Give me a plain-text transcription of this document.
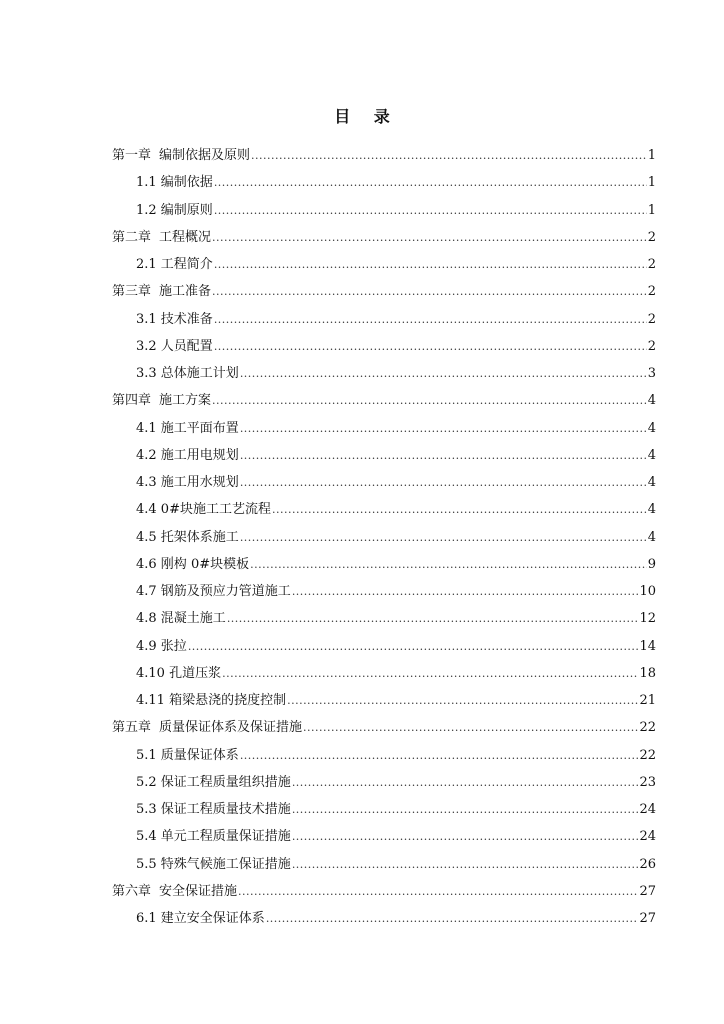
目 录
第一章 编制依据及原则 .....	1
1.1 编制依据 .....	1
1.2 编制原则 .....	1
第二章 工程概况 .....	2
2.1 工程简介 .....	2
第三章 施工准备 .....	2
3.1 技术准备 .....	2
3.2 人员配置 .....	2
3.3 总体施工计划 .....	3
第四章 施工方案 .....	4
4.1 施工平面布置 .....	4
4.2 施工用电规划 .....	4
4.3 施工用水规划 .....	4
4.4 0#块施工工艺流程 .....	4
4.5 托架体系施工 .....	4
4.6 刚构 0#块模板 .....	9
4.7 钢筋及预应力管道施工 .....	10
4.8 混凝土施工 .....	12
4.9 张拉 .....	14
4.10 孔道压浆 .....	18
4.11 箱梁悬浇的挠度控制 .....	21
第五章 质量保证体系及保证措施 .....	22
5.1 质量保证体系 .....	22
5.2 保证工程质量组织措施 .....	23
5.3 保证工程质量技术措施 .....	24
5.4 单元工程质量保证措施 .....	24
5.5 特殊气候施工保证措施 .....	26
第六章 安全保证措施 .....	27
6.1 建立安全保证体系 .....	27
